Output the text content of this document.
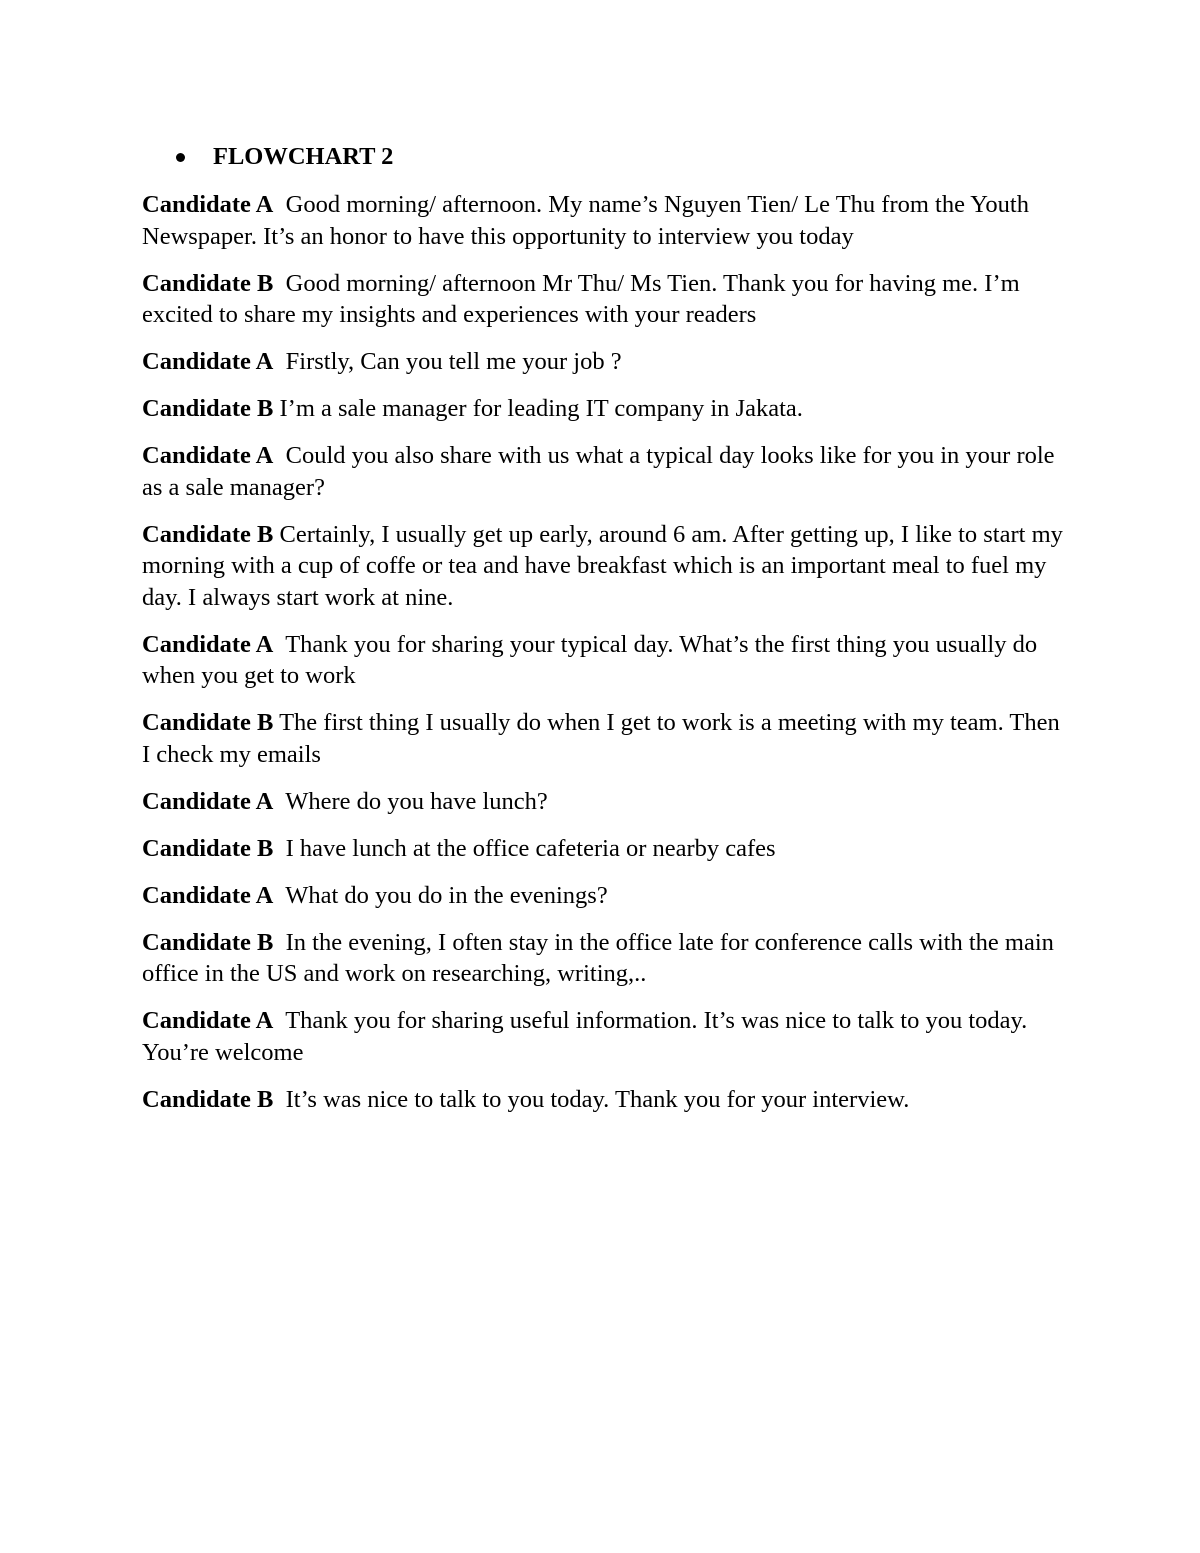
FLOWCHART 2

Candidate A Good morning/ afternoon. My name’s Nguyen Tien/ Le Thu from the Youth Newspaper. It’s an honor to have this opportunity to interview you today

Candidate B Good morning/ afternoon Mr Thu/ Ms Tien. Thank you for having me. I’m excited to share my insights and experiences with your readers

Candidate A Firstly, Can you tell me your job ?

Candidate B I’m a sale manager for leading IT company in Jakata.

Candidate A Could you also share with us what a typical day looks like for you in your role as a sale manager?

Candidate B Certainly, I usually get up early, around 6 am. After getting up, I like to start my morning with a cup of coffe or tea and have breakfast which is an important meal to fuel my day. I always start work at nine.

Candidate A Thank you for sharing your typical day. What’s the first thing you usually do when you get to work

Candidate B The first thing I usually do when I get to work is a meeting with my team. Then I check my emails

Candidate A Where do you have lunch?

Candidate B I have lunch at the office cafeteria or nearby cafes

Candidate A What do you do in the evenings?

Candidate B In the evening, I often stay in the office late for conference calls with the main office in the US and work on researching, writing,..

Candidate A Thank you for sharing useful information. It’s was nice to talk to you today. You’re welcome

Candidate B It’s was nice to talk to you today. Thank you for your interview.
